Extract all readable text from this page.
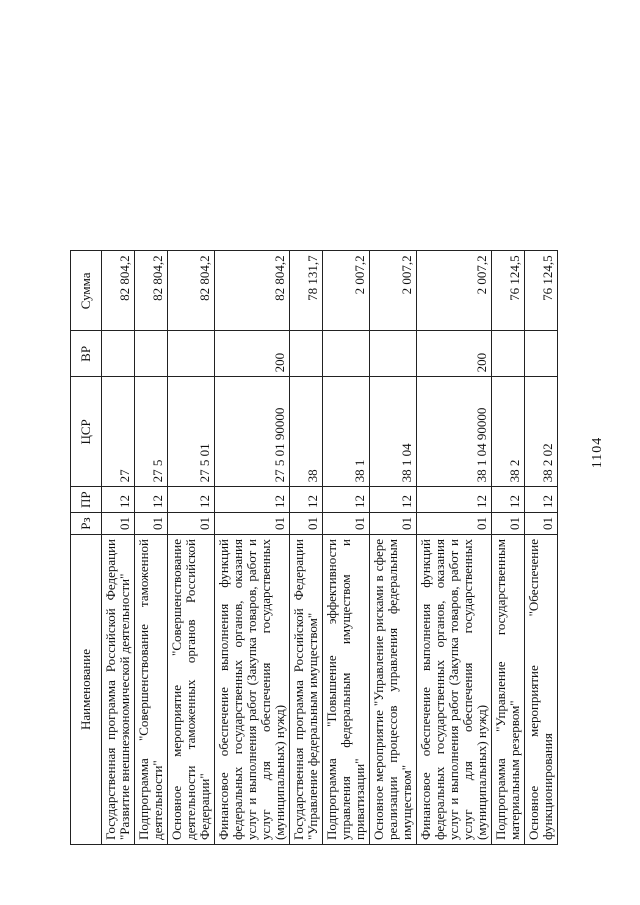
Наименование	Рз	ПР	ЦСР	ВР	Сумма
Государственная программа Российской Федерации "Развитие внешнеэкономической деятельности"	01	12	27		82 804,2
Подпрограмма "Совершенствование таможенной деятельности"	01	12	27 5		82 804,2
Основное мероприятие "Совершенствование деятельности таможенных органов Российской Федерации"	01	12	27 5 01		82 804,2
Финансовое обеспечение выполнения функций федеральных государственных органов, оказания услуг и выполнения работ (Закупка товаров, работ и услуг для обеспечения государственных (муниципальных) нужд)	01	12	27 5 01 90000	200	82 804,2
Государственная программа Российской Федерации "Управление федеральным имуществом"	01	12	38		78 131,7
Подпрограмма "Повышение эффективности управления федеральным имуществом и приватизации"	01	12	38 1		2 007,2
Основное мероприятие "Управление рисками в сфере реализации процессов управления федеральным имуществом"	01	12	38 1 04		2 007,2
Финансовое обеспечение выполнения функций федеральных государственных органов, оказания услуг и выполнения работ (Закупка товаров, работ и услуг для обеспечения государственных (муниципальных) нужд)	01	12	38 1 04 90000	200	2 007,2
Подпрограмма "Управление государственным материальным резервом"	01	12	38 2		76 124,5
Основное мероприятие "Обеспечение функционирования	01	12	38 2 02		76 124,5
1104
